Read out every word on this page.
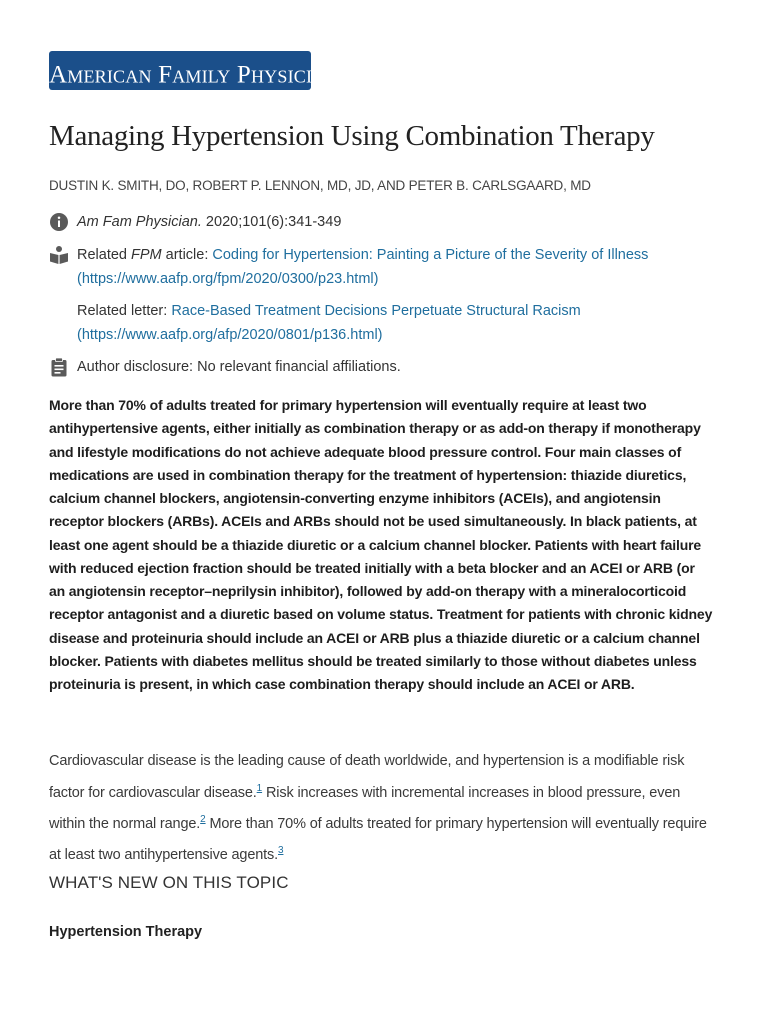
American Family Physician®
Managing Hypertension Using Combination Therapy
DUSTIN K. SMITH, DO, ROBERT P. LENNON, MD, JD, AND PETER B. CARLSGAARD, MD
Am Fam Physician. 2020;101(6):341-349
Related FPM article: Coding for Hypertension: Painting a Picture of the Severity of Illness (https://www.aafp.org/fpm/2020/0300/p23.html)
Related letter: Race-Based Treatment Decisions Perpetuate Structural Racism (https://www.aafp.org/afp/2020/0801/p136.html)
Author disclosure: No relevant financial affiliations.

More than 70% of adults treated for primary hypertension will eventually require at least two antihypertensive agents, either initially as combination therapy or as add-on therapy if monotherapy and lifestyle modifications do not achieve adequate blood pressure control. Four main classes of medications are used in combination therapy for the treatment of hypertension: thiazide diuretics, calcium channel blockers, angiotensin-converting enzyme inhibitors (ACEIs), and angiotensin receptor blockers (ARBs). ACEIs and ARBs should not be used simultaneously. In black patients, at least one agent should be a thiazide diuretic or a calcium channel blocker. Patients with heart failure with reduced ejection fraction should be treated initially with a beta blocker and an ACEI or ARB (or an angiotensin receptor–neprilysin inhibitor), followed by add-on therapy with a mineralocorticoid receptor antagonist and a diuretic based on volume status. Treatment for patients with chronic kidney disease and proteinuria should include an ACEI or ARB plus a thiazide diuretic or a calcium channel blocker. Patients with diabetes mellitus should be treated similarly to those without diabetes unless proteinuria is present, in which case combination therapy should include an ACEI or ARB.

Cardiovascular disease is the leading cause of death worldwide, and hypertension is a modifiable risk factor for cardiovascular disease.$^1$ Risk increases with incremental increases in blood pressure, even within the normal range.$^2$ More than 70% of adults treated for primary hypertension will eventually require at least two antihypertensive agents.$^3$

WHAT'S NEW ON THIS TOPIC
Hypertension Therapy
